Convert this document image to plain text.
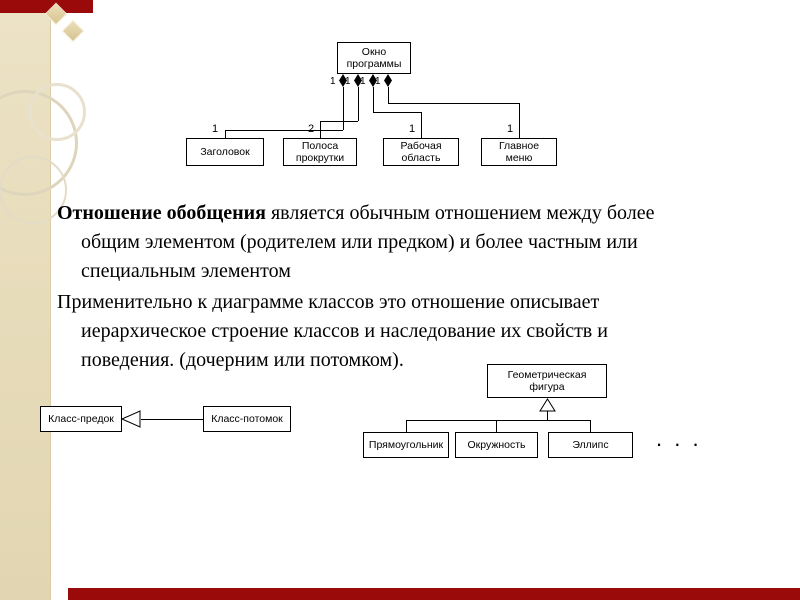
Окно программы
1 1 1 1
1	2	1	1
Заголовок
Полоса прокрутки
Рабочая область
Главное меню

Отношение обобщения является обычным отношением между более
общим элементом (родителем или предком) и более частным или
специальным элементом

Применительно к диаграмме классов это отношение описывает
иерархическое строение классов и наследование их свойств и
поведения. (дочерним или потомком).

Класс-предок	Класс-потомок
Геометрическая фигура
Прямоугольник	Окружность	Эллипс	. . .
